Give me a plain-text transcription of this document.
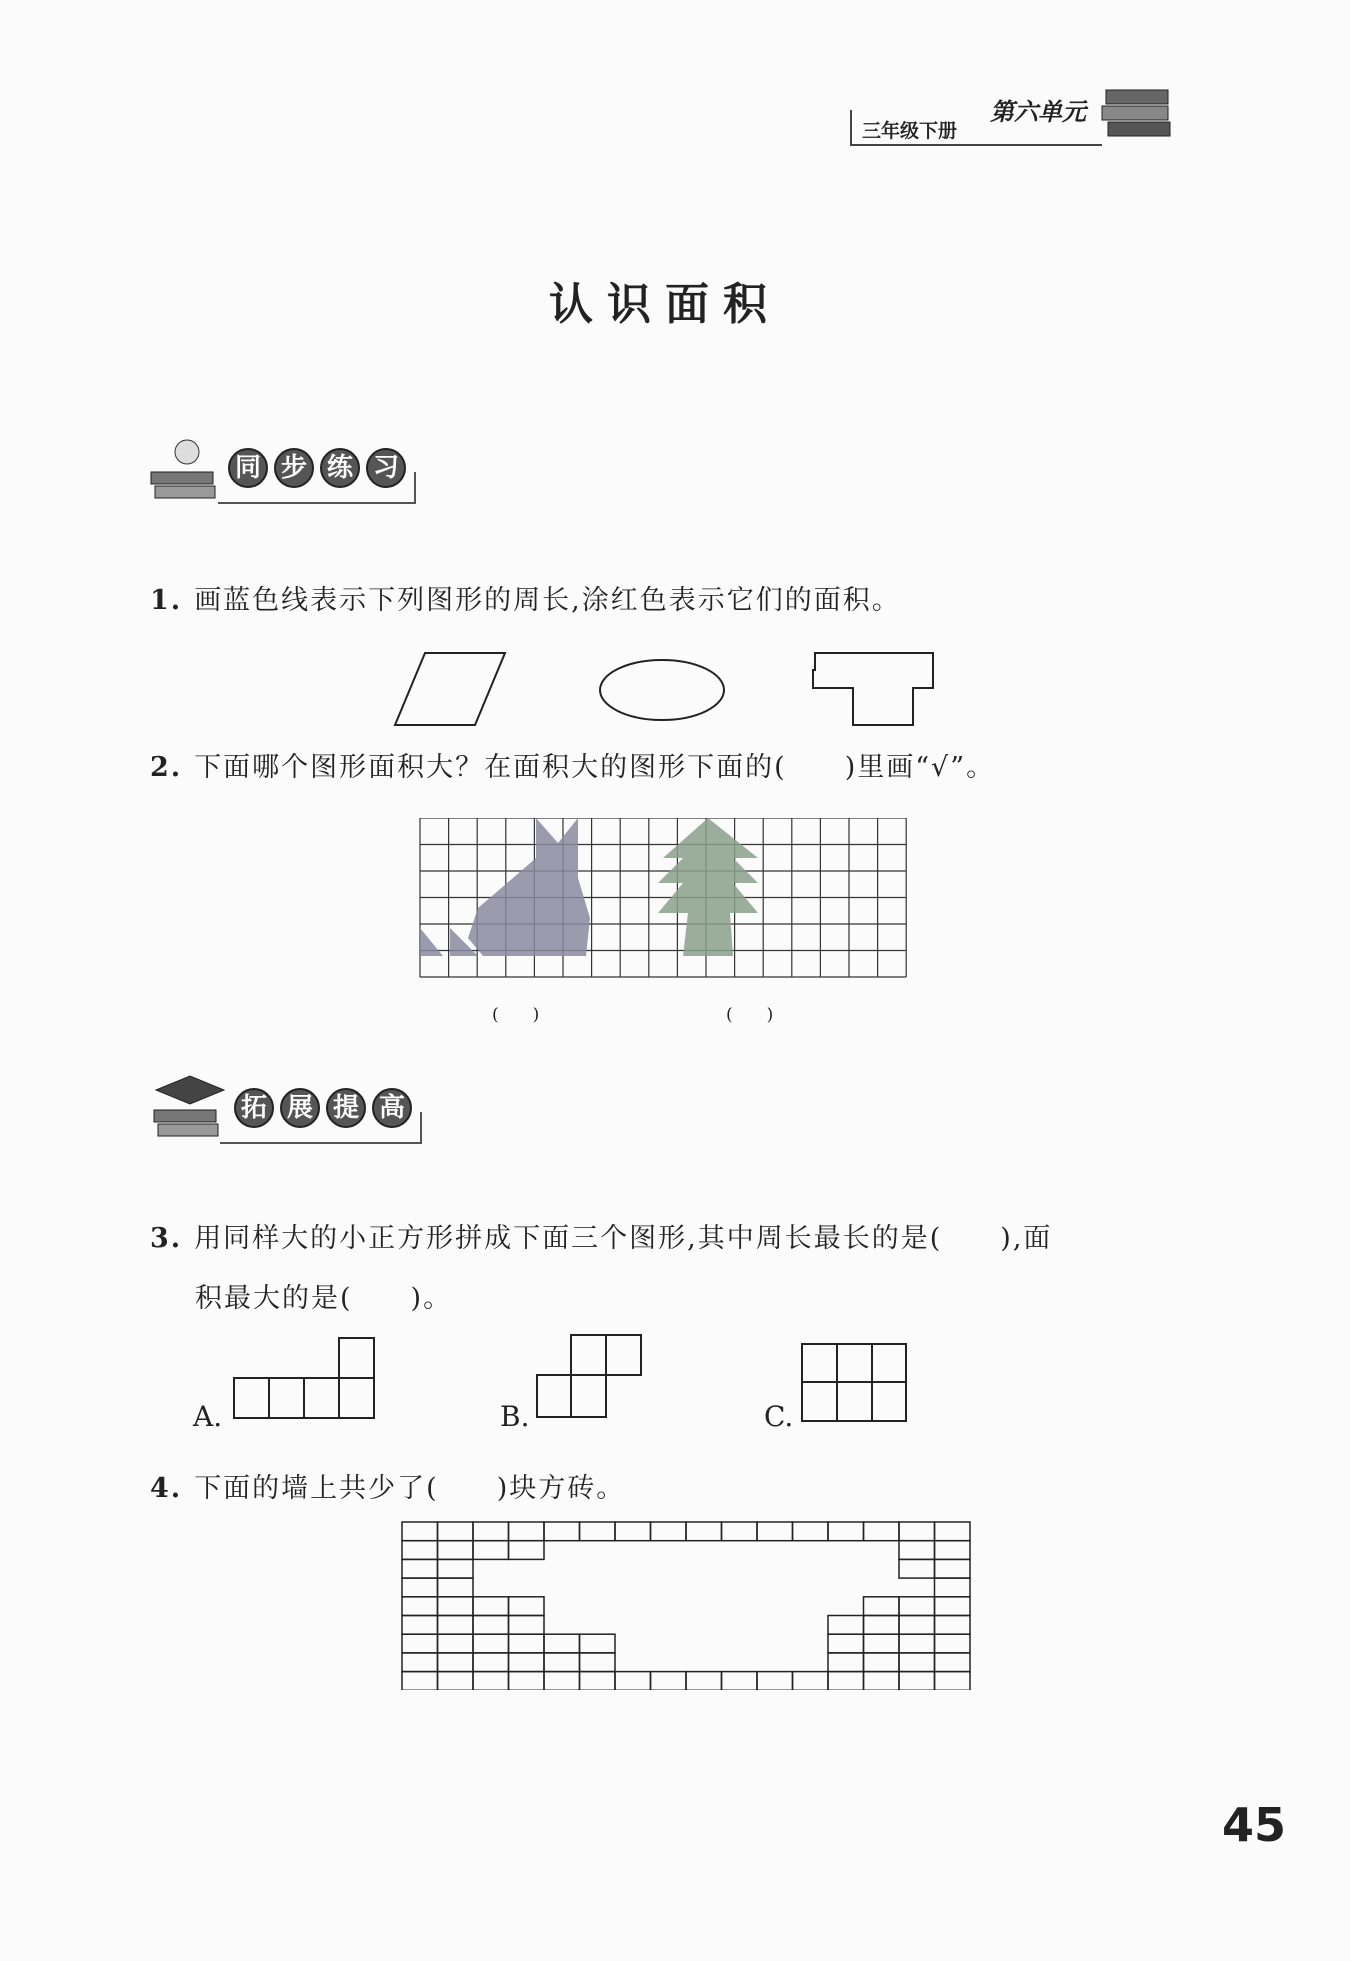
三年级下册
第六单元
认识面积
同 步 练 习
1. 画蓝色线表示下列图形的周长,涂红色表示它们的面积。
2. 下面哪个图形面积大？在面积大的图形下面的(　　)里画“√”。
(　　)	(　　)
拓 展 提 高
3. 用同样大的小正方形拼成下面三个图形,其中周长最长的是(　　),面
积最大的是(　　)。
A.	B.	C.
4. 下面的墙上共少了(　　)块方砖。
45
